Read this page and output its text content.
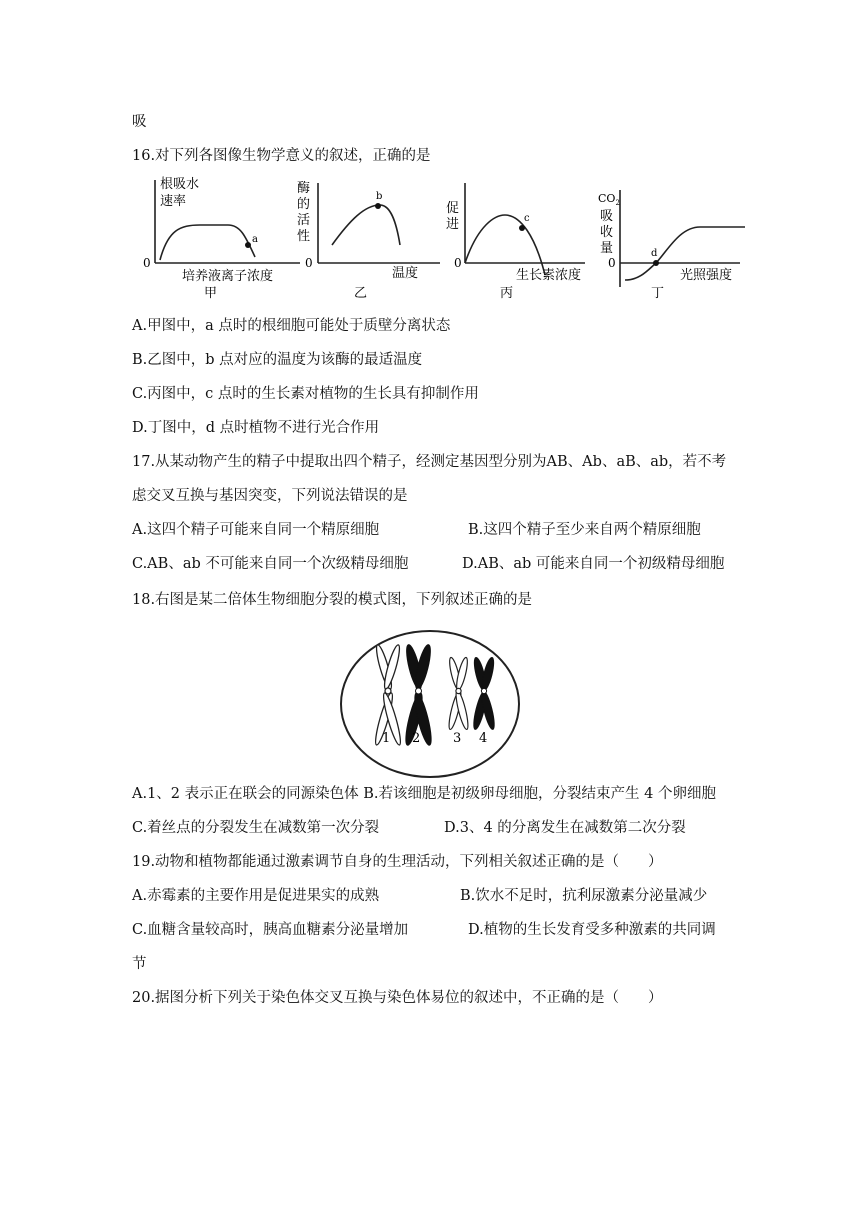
吸
16.对下列各图像生物学意义的叙述，正确的是
a
根吸水
速率
0
培养液离子浓度
甲
b
酶
的
活
性
0
温度
乙
c
促
进
0
生长素浓度
丙
d
$CO_2$
吸
收
量
0
光照强度
丁
A.甲图中，a 点时的根细胞可能处于质壁分离状态
B.乙图中，b 点对应的温度为该酶的最适温度
C.丙图中，c 点时的生长素对植物的生长具有抑制作用
D.丁图中，d 点时植物不进行光合作用
17.从某动物产生的精子中提取出四个精子，经测定基因型分别为AB、Ab、aB、ab，若不考
虑交叉互换与基因突变，下列说法错误的是
A.这四个精子可能来自同一个精原细胞	B.这四个精子至少来自两个精原细胞
C.AB、ab 不可能来自同一个次级精母细胞	D.AB、ab 可能来自同一个初级精母细胞
18.右图是某二倍体生物细胞分裂的模式图，下列叙述正确的是
1 2	3 4
A.1、2 表示正在联会的同源染色体 B.若该细胞是初级卵母细胞，分裂结束产生 4 个卵细胞
C.着丝点的分裂发生在减数第一次分裂	D.3、4 的分离发生在减数第二次分裂
19.动物和植物都能通过激素调节自身的生理活动，下列相关叙述正确的是（　　）
A.赤霉素的主要作用是促进果实的成熟	B.饮水不足时，抗利尿激素分泌量减少
C.血糖含量较高时，胰高血糖素分泌量增加	D.植物的生长发育受多种激素的共同调
节
20.据图分析下列关于染色体交叉互换与染色体易位的叙述中，不正确的是（　　）
